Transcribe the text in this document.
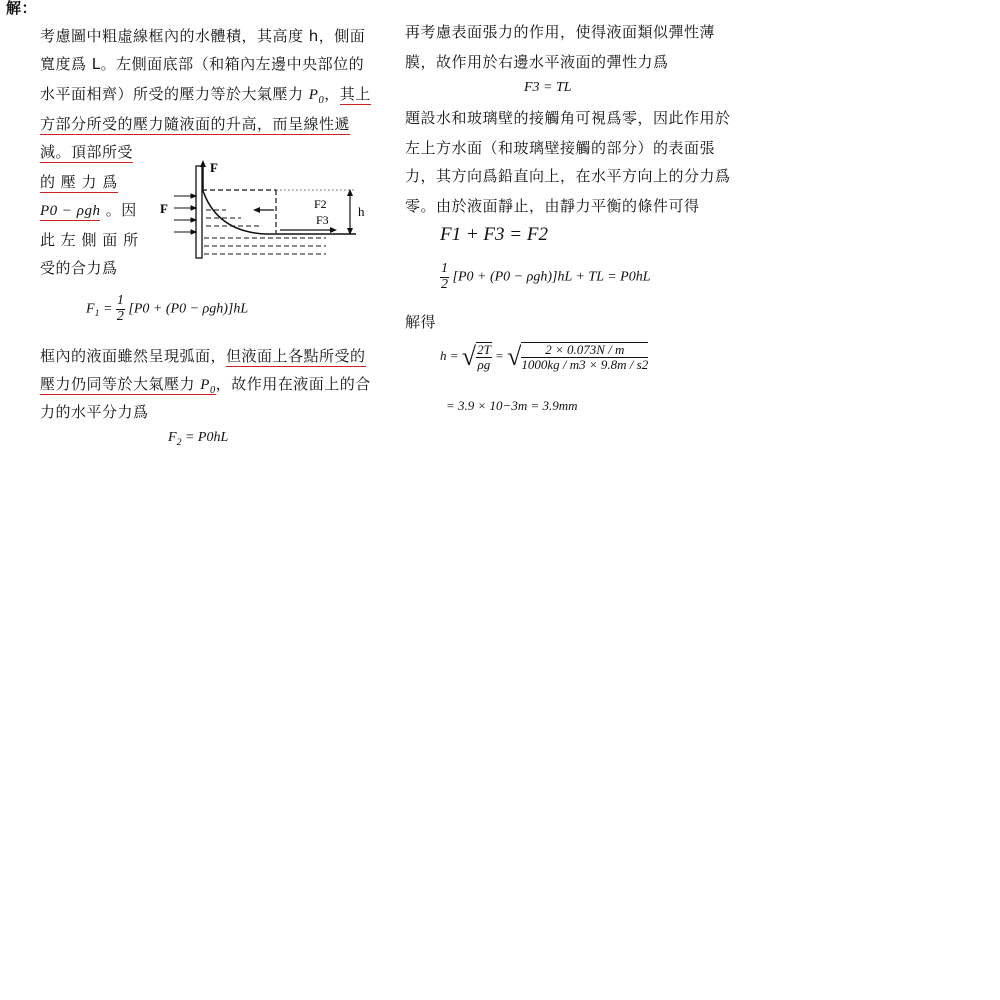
解：
考慮圖中粗虛線框內的水體積，其高度 h，側面
寬度爲 L。左側面底部（和箱內左邊中央部位的
水平面相齊）所受的壓力等於大氣壓力 $P_0$，其上
方部分所受的壓力隨液面的升高，而呈線性遞
減。頂部所受
的 壓 力 爲
P0 − ρgh 。因
此 左 側 面 所
受的合力爲
$F_1 = \frac{1}{2} [P0 + (P0 - \rho gh)]hL$
框內的液面雖然呈現弧面，但液面上各點所受的
壓力仍同等於大氣壓力 $P_0$，故作用在液面上的合
力的水平分力爲
$F_2 = P0hL$
F
F	F2
F3
h
再考慮表面張力的作用，使得液面類似彈性薄
膜，故作用於右邊水平液面的彈性力爲
F3 = TL
題設水和玻璃壁的接觸角可視爲零，因此作用於
左上方水面（和玻璃壁接觸的部分）的表面張
力，其方向爲鉛直向上，在水平方向上的分力爲
零。由於液面靜止，由靜力平衡的條件可得
F1 + F3 = F2
$\frac{1}{2} [P0 + (P0 - \rho gh)]hL$ + TL = P0hL
解得
h = √ $\frac{2T}{\rho g}$ = √ $\frac{2 \times 0.073N / m}{1000kg / m3 \times 9.8m / s2}$
= 3.9 × 10−3m = 3.9mm
